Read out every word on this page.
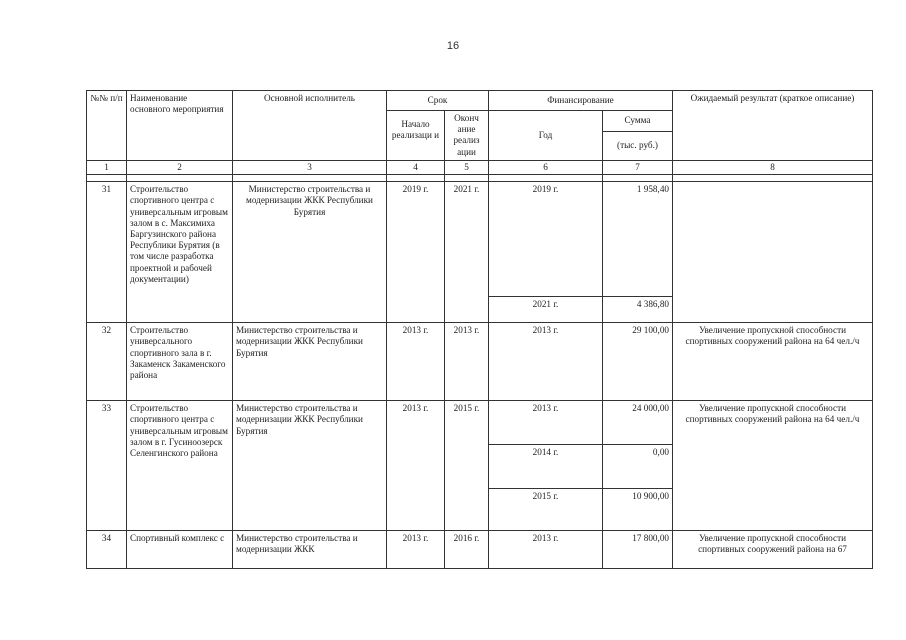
16
№№ п/п	Наименование основного мероприятия	Основной исполнитель	Срок		Финансирование		Ожидаемый результат (краткое описание)
			Начало реализаци и	Оконч ание реализ ации	Год	Сумма	
						(тыс. руб.)	
1	2	3	4	5	6	7	8

31	Строительство спортивного центра с универсальным игровым залом в с. Максимиха Баргузинского района Республики Бурятия (в том числе разработка проектной и рабочей документации)	Министерство строительства и модернизации ЖКК Республики Бурятия	2019 г.	2021 г.	2019 г.	1 958,40	
					2021 г.	4 386,80	
32	Строительство универсального спортивного зала в г. Закаменск Закаменского района	Министерство строительства и модернизации ЖКК Республики Бурятия	2013 г.	2013 г.	2013 г.	29 100,00	Увеличение пропускной способности спортивных сооружений района на 64 чел./ч
33	Строительство спортивного центра с универсальным игровым залом в г. Гусиноозерск Селенгинского района	Министерство строительства и модернизации ЖКК Республики Бурятия	2013 г.	2015 г.	2013 г.	24 000,00	Увеличение пропускной способности спортивных сооружений района на 64 чел./ч
					2014 г.	0,00	
					2015 г.	10 900,00	
34	Спортивный комплекс с	Министерство строительства и модернизации ЖКК	2013 г.	2016 г.	2013 г.	17 800,00	Увеличение пропускной способности спортивных сооружений района на 67
